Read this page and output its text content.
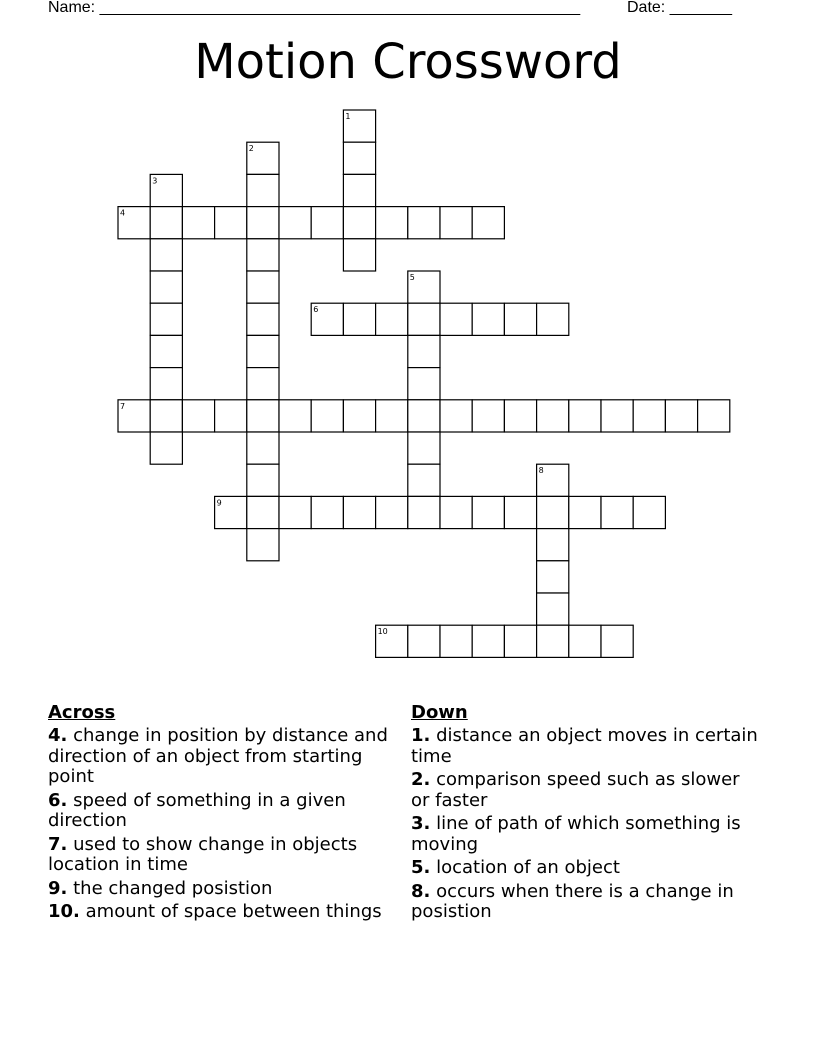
Name: ______________________________________________________	Date: _______
Motion Crossword
1
2
3
4
5
6
7
8
9
10
Across
4. change in position by distance and direction of an object from starting point
6. speed of something in a given direction
7. used to show change in objects location in time
9. the changed posistion
10. amount of space between things
Down
1. distance an object moves in certain time
2. comparison speed such as slower or faster
3. line of path of which something is moving
5. location of an object
8. occurs when there is a change in posistion
